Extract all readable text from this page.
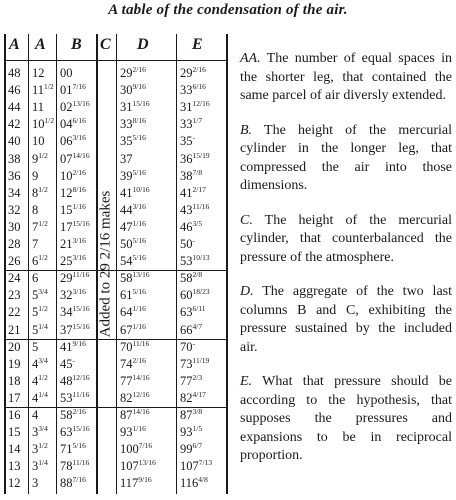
A table of the condensation of the air.
A A B C D	E
Added to 29 2/16 makes
48 12 00	$29^{2/16}$	$29^{2/16}$
46 $11^{1/2}$ $01^{7/16}$	$30^{9/16}$	$33^{6/16}$
44 11 $02^{13/16}$ $31^{15/16}$ $31^{12/16}$
42 $10^{1/2}$ $04^{6/16}$	$33^{8/16}$	$33^{1/7}$
40 10 $06^{3/16}$	$35^{5/16}$	35-
38 $9^{1/2}$ $07^{14/16}$ 37	$36^{15/19}$
36 9 $10^{2/16}$	$39^{5/16}$	$38^{7/8}$
34 $8^{1/2}$ $12^{8/16}$	$41^{10/16}$ $41^{2/17}$
32 8 $15^{1/16}$	$44^{3/16}$	$43^{11/16}$
30 $7^{1/2}$ $17^{15/16}$ $47^{1/16}$	$46^{3/5}$
28 7 $21^{3/16}$	$50^{5/16}$	50-
26 $6^{1/2}$ $25^{3/16}$	$54^{5/16}$	$53^{10/13}$
24 6 $29^{11/16}$ $58^{13/16}$ $58^{2/8}$
23 $5^{3/4}$ $32^{3/16}$	$61^{5/16}$	$60^{18/23}$
22 $5^{1/2}$ $34^{15/16}$ $64^{1/16}$	$63^{6/11}$
21 $5^{1/4}$ $37^{15/16}$ $67^{1/16}$	$66^{4/7}$
20 5 $41^{9/16}$	$70^{11/16}$ 70-
19 $4^{3/4}$ 45-	$74^{2/16}$	$73^{11/19}$
18 $4^{1/2}$ $48^{12/16}$ $77^{14/16}$ $77^{2/3}$
17 $4^{1/4}$ $53^{11/16}$ $82^{12/16}$ $82^{4/17}$
16 4 $58^{2/16}$	$87^{14/16}$ $87^{3/8}$
15 $3^{3/4}$ $63^{15/16}$ $93^{1/16}$	$93^{1/5}$
14 $3^{1/2}$ $71^{5/16}$	$100^{7/16}$ $99^{6/7}$
13 $3^{1/4}$ $78^{11/16}$ $107^{13/16}$ $107^{7/13}$
12 3 $88^{7/16}$	$117^{9/16}$ $116^{4/8}$

AA. The number of equal spaces in the shorter leg, that contained the same parcel of air diversly extended.

B. The height of the mercurial cylinder in the longer leg, that compressed the air into those dimensions.

C. The height of the mercurial cylinder, that counterbalanced the pressure of the atmosphere.

D. The aggregate of the two last columns B and C, exhibiting the pressure sustained by the included air.

E. What that pressure should be according to the hypothesis, that supposes the pressures and expansions to be in reciprocal proportion.
